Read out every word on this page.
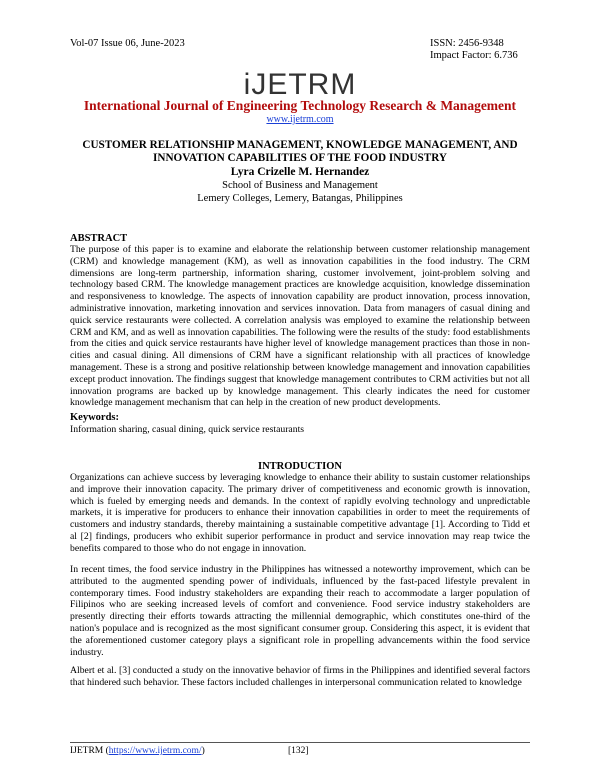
Vol-07 Issue 06, June-2023	ISSN: 2456-9348
Impact Factor: 6.736
iJETRM
International Journal of Engineering Technology Research & Management
www.ijetrm.com
CUSTOMER RELATIONSHIP MANAGEMENT, KNOWLEDGE MANAGEMENT, AND INNOVATION CAPABILITIES OF THE FOOD INDUSTRY
Lyra Crizelle M. Hernandez
School of Business and Management
Lemery Colleges, Lemery, Batangas, Philippines
ABSTRACT

The purpose of this paper is to examine and elaborate the relationship between customer relationship management (CRM) and knowledge management (KM), as well as innovation capabilities in the food industry. The CRM dimensions are long-term partnership, information sharing, customer involvement, joint-problem solving and technology based CRM. The knowledge management practices are knowledge acquisition, knowledge dissemination and responsiveness to knowledge. The aspects of innovation capability are product innovation, process innovation, administrative innovation, marketing innovation and services innovation. Data from managers of casual dining and quick service restaurants were collected. A correlation analysis was employed to examine the relationship between CRM and KM, and as well as innovation capabilities. The following were the results of the study: food establishments from the cities and quick service restaurants have higher level of knowledge management practices than those in non-cities and casual dining. All dimensions of CRM have a significant relationship with all practices of knowledge management. These is a strong and positive relationship between knowledge management and innovation capabilities except product innovation. The findings suggest that knowledge management contributes to CRM activities but not all innovation programs are backed up by knowledge management. This clearly indicates the need for customer knowledge management mechanism that can help in the creation of new product developments.

Keywords:
Information sharing, casual dining, quick service restaurants
INTRODUCTION

Organizations can achieve success by leveraging knowledge to enhance their ability to sustain customer relationships and improve their innovation capacity. The primary driver of competitiveness and economic growth is innovation, which is fueled by emerging needs and demands. In the context of rapidly evolving technology and unpredictable markets, it is imperative for producers to enhance their innovation capabilities in order to meet the requirements of customers and industry standards, thereby maintaining a sustainable competitive advantage [1]. According to Tidd et al [2] findings, producers who exhibit superior performance in product and service innovation may reap twice the benefits compared to those who do not engage in innovation.

In recent times, the food service industry in the Philippines has witnessed a noteworthy improvement, which can be attributed to the augmented spending power of individuals, influenced by the fast-paced lifestyle prevalent in contemporary times. Food industry stakeholders are expanding their reach to accommodate a larger population of Filipinos who are seeking increased levels of comfort and convenience. Food service industry stakeholders are presently directing their efforts towards attracting the millennial demographic, which constitutes one-third of the nation's populace and is recognized as the most significant consumer group. Considering this aspect, it is evident that the aforementioned customer category plays a significant role in propelling advancements within the food service industry.

Albert et al. [3] conducted a study on the innovative behavior of firms in the Philippines and identified several factors that hindered such behavior. These factors included challenges in interpersonal communication related to knowledge

IJETRM (https://www.ijetrm.com/)	[132]
